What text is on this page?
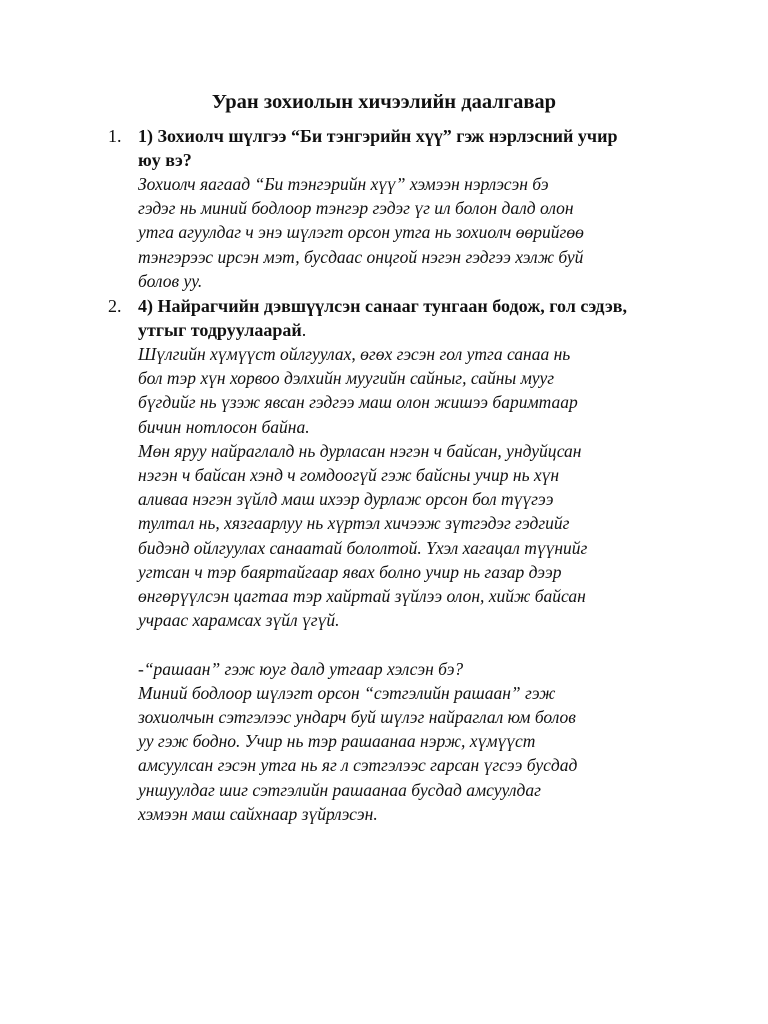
Уран зохиолын хичээлийн даалгавар
1. 1) Зохиолч шүлгээ “Би тэнгэрийн хүү” гэж нэрлэсний учир
юу вэ?

Зохиолч яагаад “Би тэнгэрийн хүү” хэмээн нэрлэсэн бэ
гэдэг нь миний бодлоор тэнгэр гэдэг үг ил болон далд олон
утга агуулдаг ч энэ шүлэгт орсон утга нь зохиолч өөрийгөө
тэнгэрээс ирсэн мэт, бусдаас онцгой нэгэн гэдгээ хэлж буй
болов уу.

2. 4) Найрагчийн дэвшүүлсэн санааг тунгаан бодож, гол сэдэв,
утгыг тодруулаарай.

Шүлгийн хүмүүст ойлгуулах, өгөх гэсэн гол утга санаа нь
бол тэр хүн хорвоо дэлхийн муугийн сайныг, сайны мууг
бүгдийг нь үзэж явсан гэдгээ маш олон жишээ баримтаар
бичин нотлосон байна.
Мөн яруу найраглалд нь дурласан нэгэн ч байсан, ундуйцсан
нэгэн ч байсан хэнд ч гомдоогүй гэж байсны учир нь хүн
аливаа нэгэн зүйлд маш ихээр дурлаж орсон бол түүгээ
тултал нь, хязгаарлуу нь хүртэл хичээж зүтгэдэг гэдгийг
бидэнд ойлгуулах санаатай бололтой. Үхэл хагацал түүнийг
угтсан ч тэр баяртайгаар явах болно учир нь газар дээр
өнгөрүүлсэн цагтаа тэр хайртай зүйлээ олон, хийж байсан
учраас харамсах зүйл үгүй.
-“рашаан” гэж юуг далд утгаар хэлсэн бэ?
Миний бодлоор шүлэгт орсон “сэтгэлийн рашаан” гэж
зохиолчын сэтгэлээс ундарч буй шүлэг найраглал юм болов
уу гэж бодно. Учир нь тэр рашаанаа нэрж, хүмүүст
амсуулсан гэсэн утга нь яг л сэтгэлээс гарсан үгсээ бусдад
уншуулдаг шиг сэтгэлийн рашаанаа бусдад амсуулдаг
хэмээн маш сайхнаар зүйрлэсэн.
